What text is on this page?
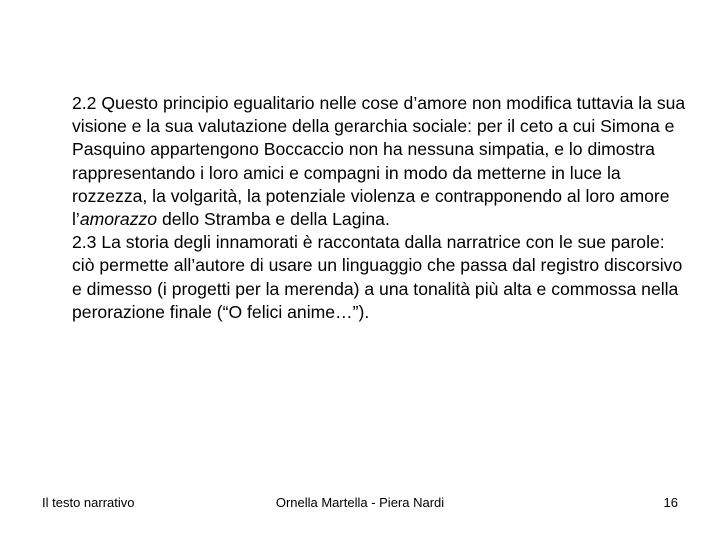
2.2 Questo principio egualitario nelle cose d’amore non modifica tuttavia la sua visione e la sua valutazione della gerarchia sociale: per il ceto a cui Simona e Pasquino appartengono Boccaccio non ha nessuna simpatia, e lo dimostra rappresentando i loro amici e compagni in modo da metterne in luce la rozzezza, la volgarità, la potenziale violenza e contrapponendo al loro amore l’amorazzo dello Stramba e della Lagina.

2.3 La storia degli innamorati è raccontata dalla narratrice con le sue parole: ciò permette all’autore di usare un linguaggio che passa dal registro discorsivo e dimesso (i progetti per la merenda) a una tonalità più alta e commossa nella perorazione finale (“O felici anime…”).

Il testo narrativo	Ornella Martella - Piera Nardi	16
